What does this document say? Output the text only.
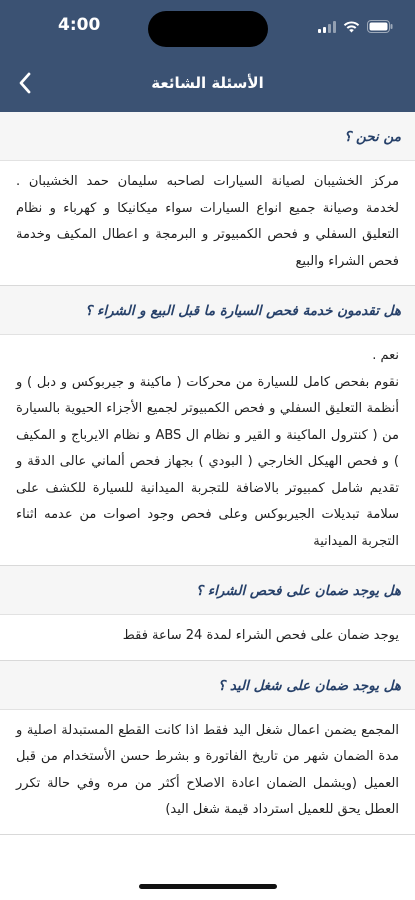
4:00
الأسئلة الشائعة
من نحن ؟
مركز الخشيبان لصيانة السيارات لصاحبه سليمان حمد الخشيبان . لخدمة وصيانة جميع انواع السيارات سواء ميكانيكا و كهرباء و نظام التعليق السفلي و فحص الكمبيوتر و البرمجة و اعطال المكيف وخدمة فحص الشراء والبيع
هل تقدمون خدمة فحص السيارة ما قبل البيع و الشراء ؟
نعم .
نقوم بفحص كامل للسيارة من محركات ( ماكينة و جيربوكس و دبل ) و أنظمة التعليق السفلي و فحص الكمبيوتر لجميع الأجزاء الحيوية بالسيارة من ( كنترول الماكينة و القير و نظام ال ABS و نظام الايرباج و المكيف ) و فحص الهيكل الخارجي ( البودي ) بجهاز فحص ألماني عالى الدقة و تقديم شامل كمبيوتر بالاضافة للتجربة الميدانية للسيارة للكشف على سلامة تبديلات الجيربوكس وعلى فحص وجود اصوات من عدمه اثناء التجربة الميدانية
هل يوجد ضمان على فحص الشراء ؟
يوجد ضمان على فحص الشراء لمدة 24 ساعة فقط
هل يوجد ضمان على شغل اليد ؟
المجمع يضمن اعمال شغل اليد فقط اذا كانت القطع المستبدلة اصلية و مدة الضمان شهر من تاريخ الفاتورة و بشرط حسن الأستخدام من قبل العميل (ويشمل الضمان اعادة الاصلاح أكثر من مره وفي حالة تكرر العطل يحق للعميل استرداد قيمة شغل اليد)
